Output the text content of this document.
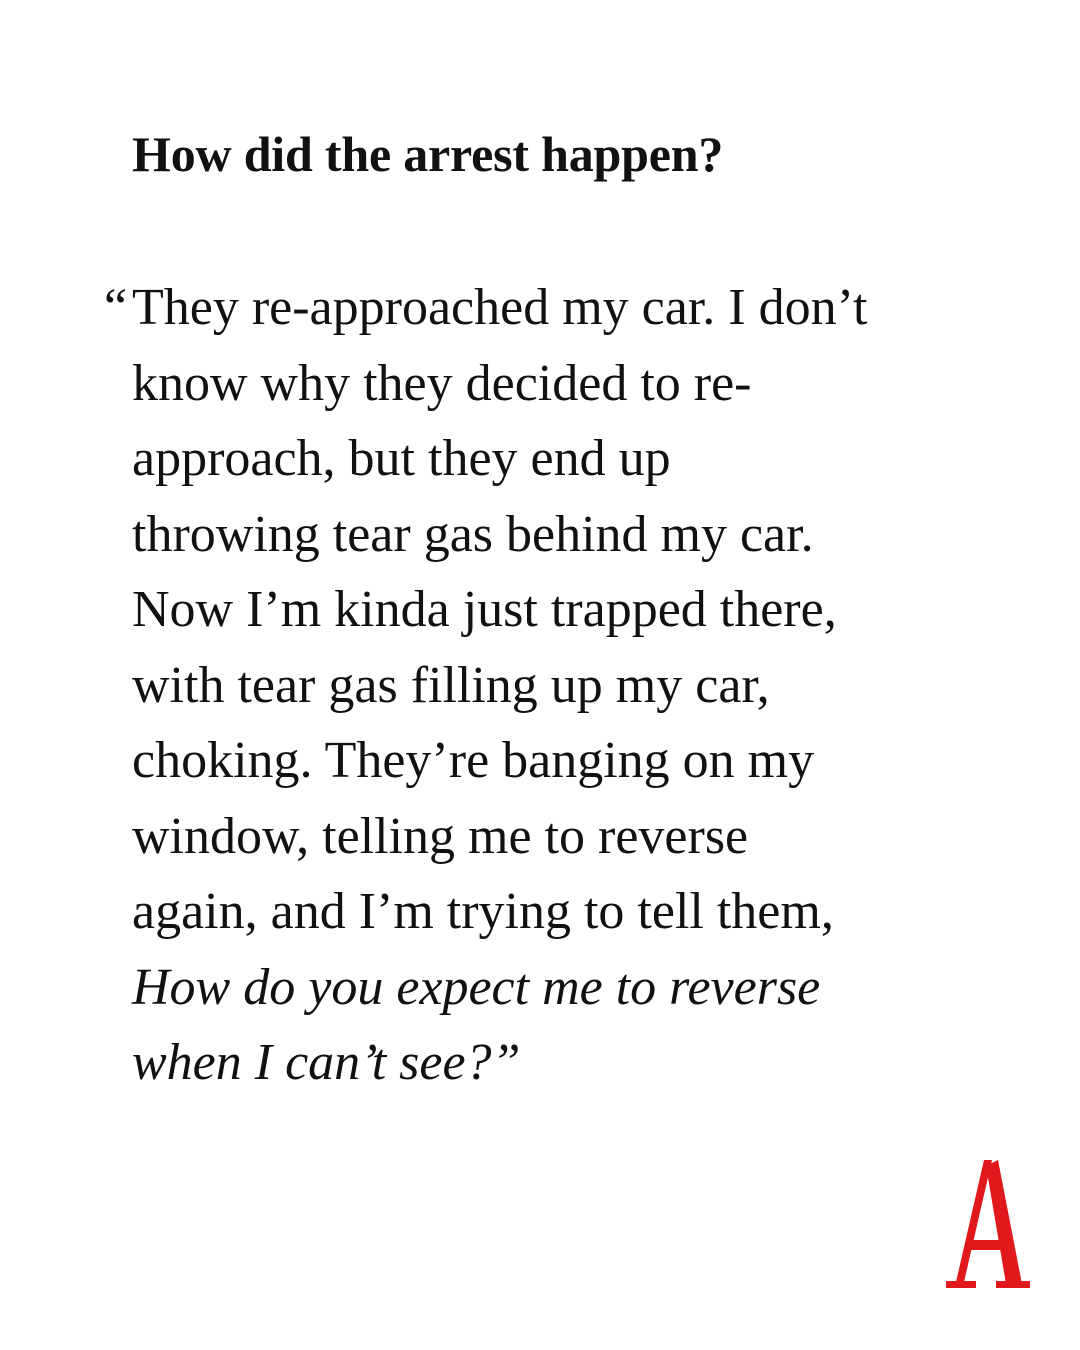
How did the arrest happen?

“ They re-approached my car. I don’t
know why they decided to re-
approach, but they end up
throwing tear gas behind my car.
Now I’m kinda just trapped there,
with tear gas filling up my car,
choking. They’re banging on my
window, telling me to reverse
again, and I’m trying to tell them,
How do you expect me to reverse
when I can’t see?”
